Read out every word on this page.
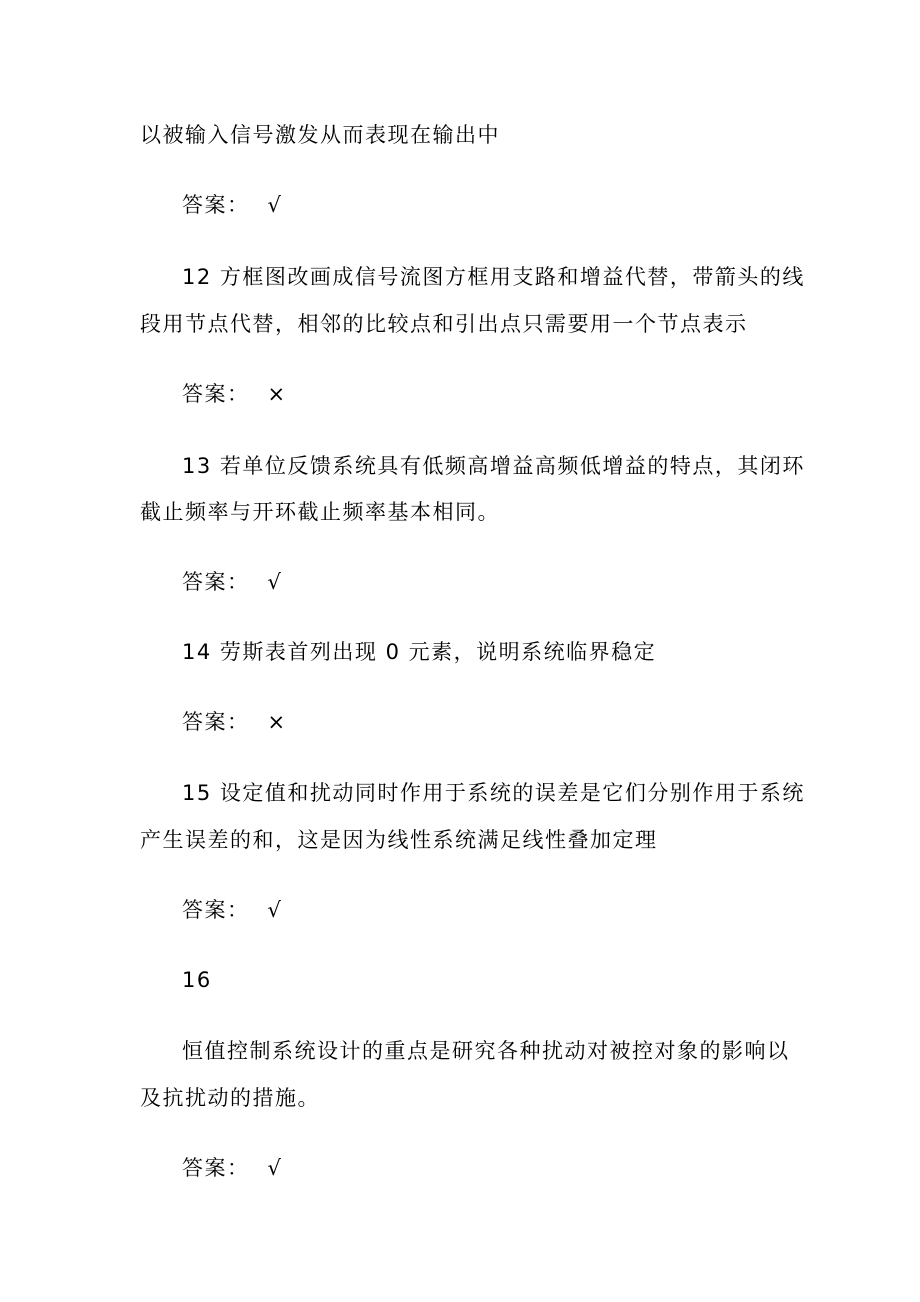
以被输入信号激发从而表现在输出中
答案： √
12 方框图改画成信号流图方框用支路和增益代替，带箭头的线
段用节点代替，相邻的比较点和引出点只需要用一个节点表示
答案： ×
13 若单位反馈系统具有低频高增益高频低增益的特点，其闭环
截止频率与开环截止频率基本相同。
答案： √
14 劳斯表首列出现 0 元素，说明系统临界稳定
答案： ×
15 设定值和扰动同时作用于系统的误差是它们分别作用于系统
产生误差的和，这是因为线性系统满足线性叠加定理
答案： √
16
恒值控制系统设计的重点是研究各种扰动对被控对象的影响以
及抗扰动的措施。
答案： √
